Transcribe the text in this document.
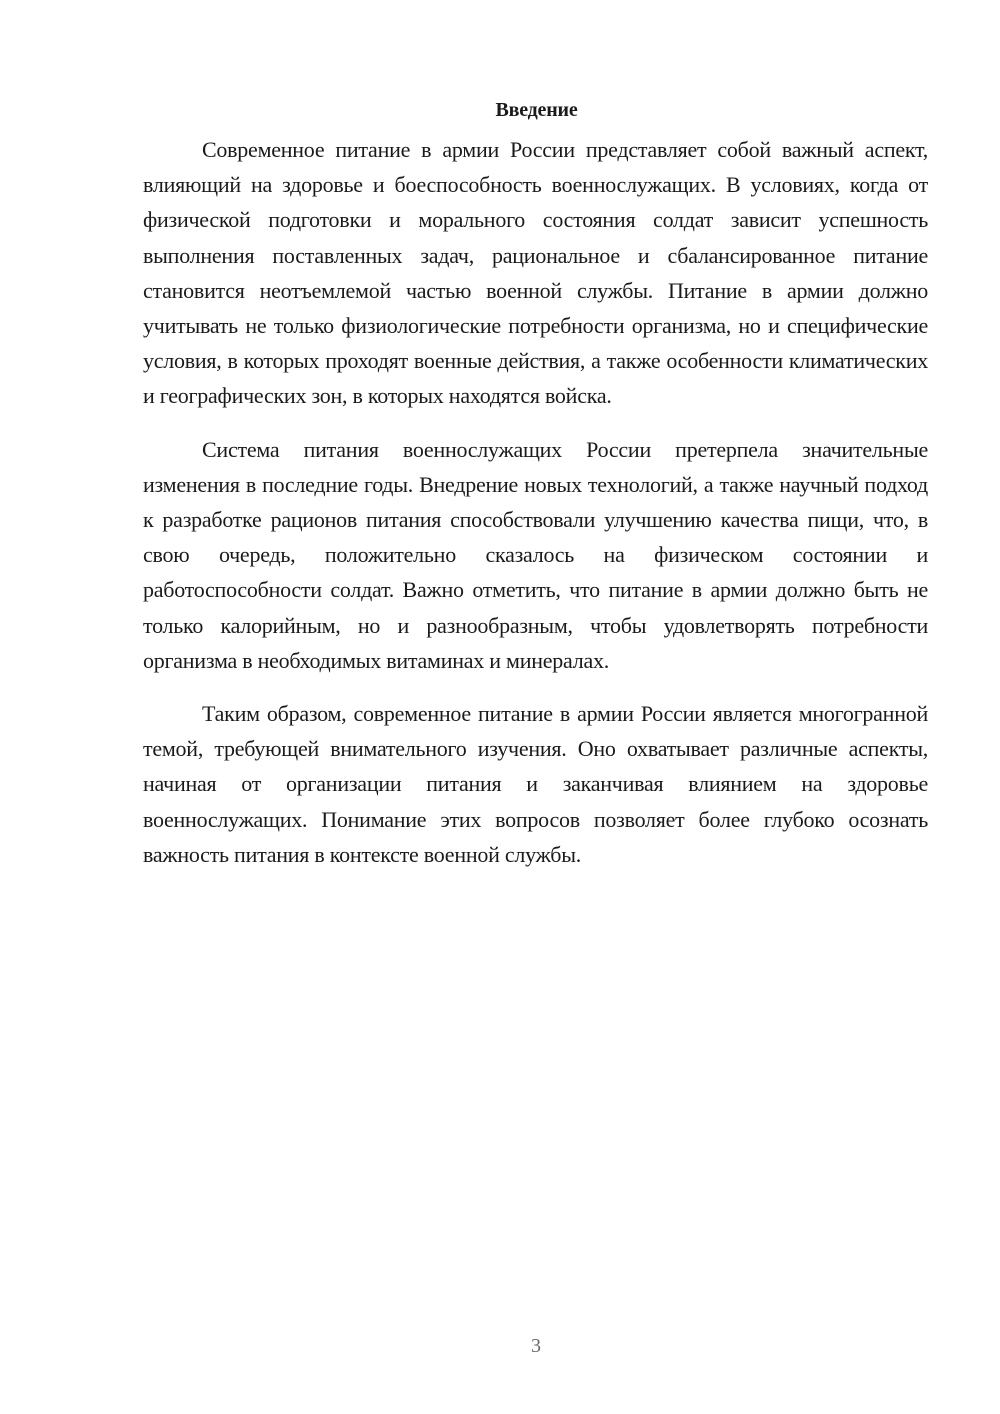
Введение

Современное питание в армии России представляет собой важный аспект, влияющий на здоровье и боеспособность военнослужащих. В условиях, когда от физической подготовки и морального состояния солдат зависит успешность выполнения поставленных задач, рациональное и сбалансированное питание становится неотъемлемой частью военной службы. Питание в армии должно учитывать не только физиологические потребности организма, но и специфические условия, в которых проходят военные действия, а также особенности климатических и географических зон, в которых находятся войска.

Система питания военнослужащих России претерпела значительные изменения в последние годы. Внедрение новых технологий, а также научный подход к разработке рационов питания способствовали улучшению качества пищи, что, в свою очередь, положительно сказалось на физическом состоянии и работоспособности солдат. Важно отметить, что питание в армии должно быть не только калорийным, но и разнообразным, чтобы удовлетворять потребности организма в необходимых витаминах и минералах.

Таким образом, современное питание в армии России является многогранной темой, требующей внимательного изучения. Оно охватывает различные аспекты, начиная от организации питания и заканчивая влиянием на здоровье военнослужащих. Понимание этих вопросов позволяет более глубоко осознать важность питания в контексте военной службы.

3
